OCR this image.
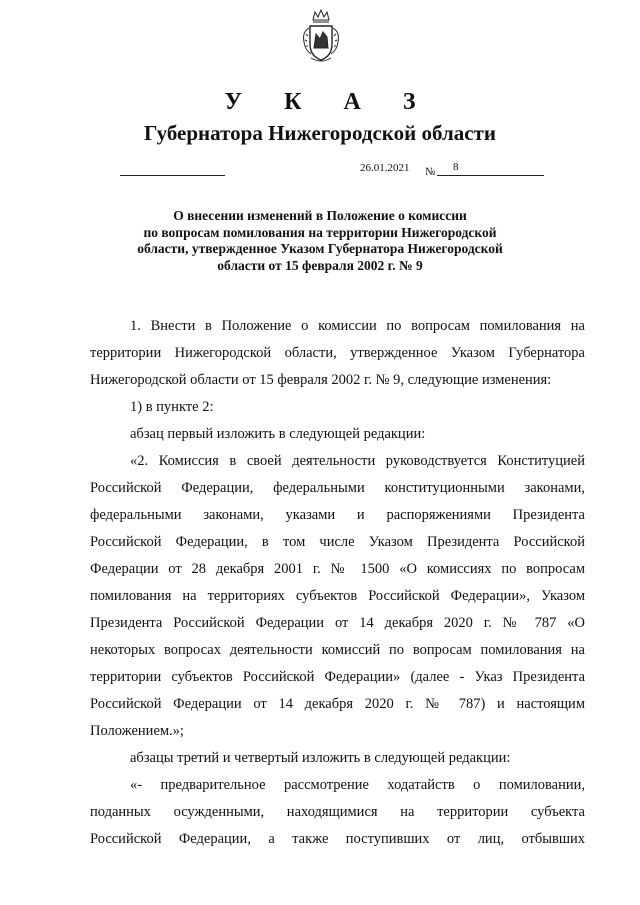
У К А З
Губернатора Нижегородской области
26.01.2021 № 8
О внесении изменений в Положение о комиссии
по вопросам помилования на территории Нижегородской
области, утвержденное Указом Губернатора Нижегородской
области от 15 февраля 2002 г. № 9

1. Внести в Положение о комиссии по вопросам помилования на

территории Нижегородской области, утвержденное Указом Губернатора

Нижегородской области от 15 февраля 2002 г. № 9, следующие изменения:

1) в пункте 2:

абзац первый изложить в следующей редакции:

«2. Комиссия в своей деятельности руководствуется Конституцией

Российской Федерации, федеральными конституционными законами,

федеральными законами, указами и распоряжениями Президента

Российской Федерации, в том числе Указом Президента Российской

Федерации от 28 декабря 2001 г. № 1500 «О комиссиях по вопросам

помилования на территориях субъектов Российской Федерации», Указом

Президента Российской Федерации от 14 декабря 2020 г. № 787 «О

некоторых вопросах деятельности комиссий по вопросам помилования на

территории субъектов Российской Федерации» (далее - Указ Президента

Российской Федерации от 14 декабря 2020 г. № 787) и настоящим

Положением.»;

абзацы третий и четвертый изложить в следующей редакции:

«- предварительное рассмотрение ходатайств о помиловании,

поданных осужденными, находящимися на территории субъекта

Российской Федерации, а также поступивших от лиц, отбывших
